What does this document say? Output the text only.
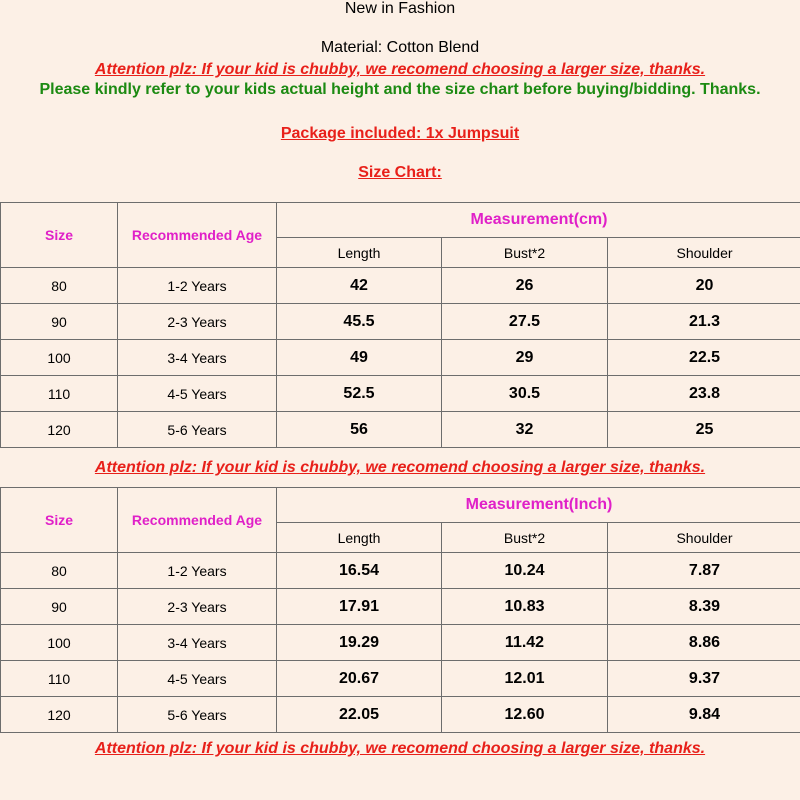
New in Fashion
Material: Cotton Blend
Attention plz: If your kid is chubby, we recomend choosing a larger size, thanks.
Please kindly refer to your kids actual height and the size chart before buying/bidding. Thanks.
Package included: 1x Jumpsuit
Size Chart:
Size	Recommended Age	Measurement(cm)		
		Length	Bust*2	Shoulder
80	1-2 Years	42	26	20
90	2-3 Years	45.5	27.5	21.3
100	3-4 Years	49	29	22.5
110	4-5 Years	52.5	30.5	23.8
120	5-6 Years	56	32	25
Attention plz: If your kid is chubby, we recomend choosing a larger size, thanks.
Size	Recommended Age	Measurement(Inch)		
		Length	Bust*2	Shoulder
80	1-2 Years	16.54	10.24	7.87
90	2-3 Years	17.91	10.83	8.39
100	3-4 Years	19.29	11.42	8.86
110	4-5 Years	20.67	12.01	9.37
120	5-6 Years	22.05	12.60	9.84
Attention plz: If your kid is chubby, we recomend choosing a larger size, thanks.
